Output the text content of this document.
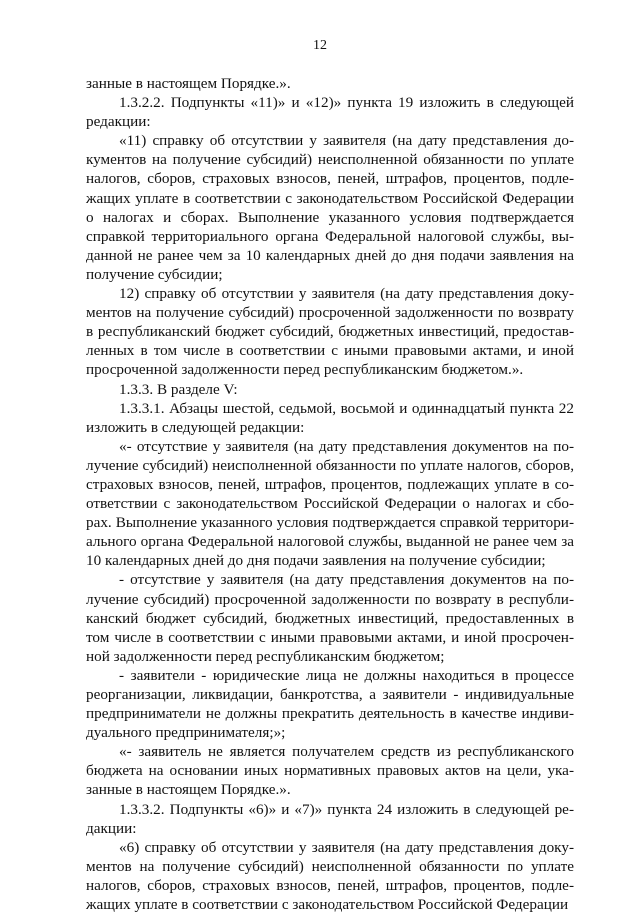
12

занные в настоящем Порядке.».

1.3.2.2. Подпункты «11)» и «12)» пункта 19 изложить в следующей редакции:

«11) справку об отсутствии у заявителя (на дату представления документов на получение субсидий) неисполненной обязанности по уплате налогов, сборов, страховых взносов, пеней, штрафов, процентов, подлежащих уплате в соответствии с законодательством Российской Федерации о налогах и сборах. Выполнение указанного условия подтверждается справкой территориального органа Федеральной налоговой службы, выданной не ранее чем за 10 календарных дней до дня подачи заявления на получение субсидии;

12) справку об отсутствии у заявителя (на дату представления документов на получение субсидий) просроченной задолженности по возврату в республиканский бюджет субсидий, бюджетных инвестиций, предоставленных в том числе в соответствии с иными правовыми актами, и иной просроченной задолженности перед республиканским бюджетом.».

1.3.3. В разделе V:

1.3.3.1. Абзацы шестой, седьмой, восьмой и одиннадцатый пункта 22 изложить в следующей редакции:

«- отсутствие у заявителя (на дату представления документов на получение субсидий) неисполненной обязанности по уплате налогов, сборов, страховых взносов, пеней, штрафов, процентов, подлежащих уплате в соответствии с законодательством Российской Федерации о налогах и сборах. Выполнение указанного условия подтверждается справкой территориального органа Федеральной налоговой службы, выданной не ранее чем за 10 календарных дней до дня подачи заявления на получение субсидии;

- отсутствие у заявителя (на дату представления документов на получение субсидий) просроченной задолженности по возврату в республиканский бюджет субсидий, бюджетных инвестиций, предоставленных в том числе в соответствии с иными правовыми актами, и иной просроченной задолженности перед республиканским бюджетом;

- заявители - юридические лица не должны находиться в процессе реорганизации, ликвидации, банкротства, а заявители - индивидуальные предприниматели не должны прекратить деятельность в качестве индивидуального предпринимателя;»;

«- заявитель не является получателем средств из республиканского бюджета на основании иных нормативных правовых актов на цели, указанные в настоящем Порядке.».

1.3.3.2. Подпункты «6)» и «7)» пункта 24 изложить в следующей редакции:

«6) справку об отсутствии у заявителя (на дату представления документов на получение субсидий) неисполненной обязанности по уплате налогов, сборов, страховых взносов, пеней, штрафов, процентов, подлежащих уплате в соответствии с законодательством Российской Федерации
